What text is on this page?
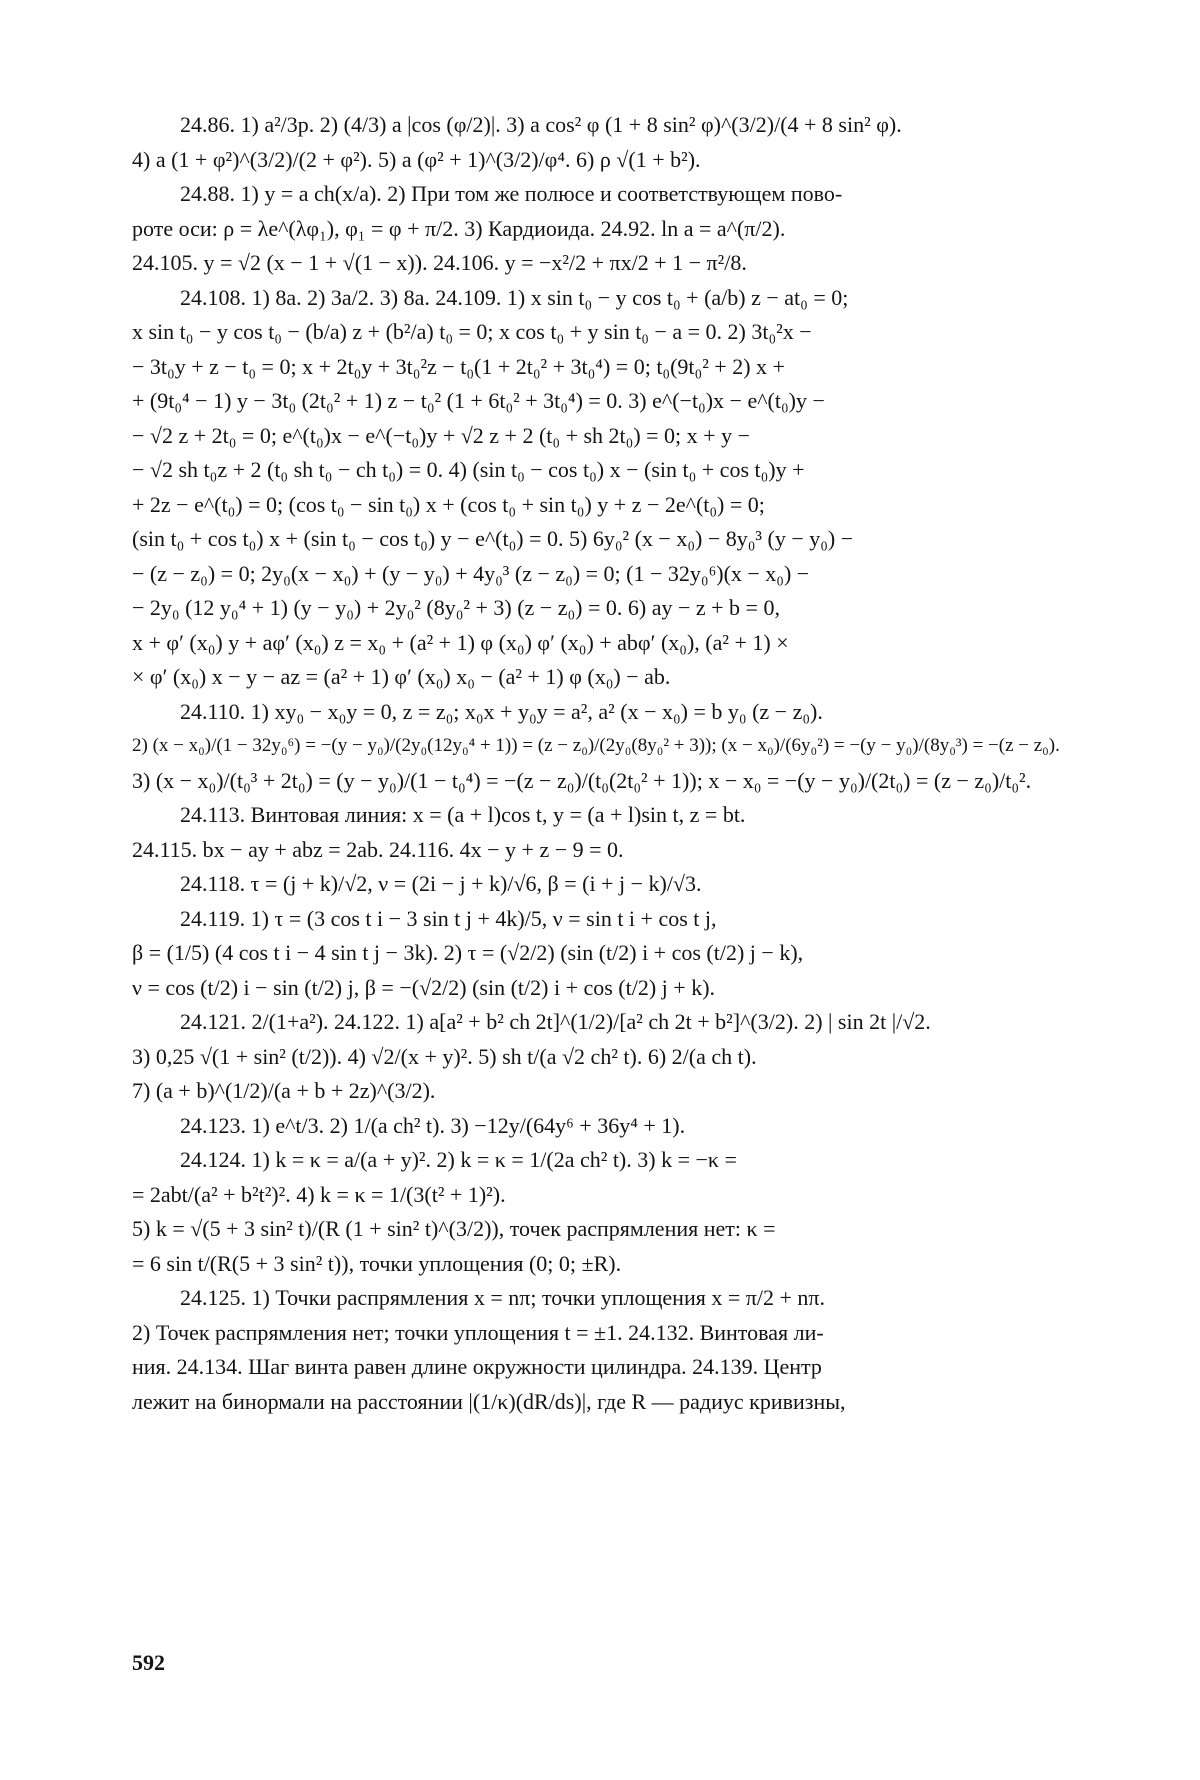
24.86. 1) a²/3p. 2) (4/3) a |cos (φ/2)|. 3) a cos² φ (1 + 8 sin² φ)^(3/2)/(4 + 8 sin² φ).
4) a (1 + φ²)^(3/2)/(2 + φ²). 5) a (φ² + 1)^(3/2)/φ⁴. 6) ρ √(1 + b²).
24.88. 1) y = a ch(x/a). 2) При том же полюсе и соответствующем пово-
роте оси: ρ = λe^(λφ₁), φ₁ = φ + π/2. 3) Кардиоида. 24.92. ln a = a^(π/2).
24.105. y = √2 (x − 1 + √(1 − x)). 24.106. y = −x²/2 + πx/2 + 1 − π²/8.
24.108. 1) 8a. 2) 3a/2. 3) 8a. 24.109. 1) x sin t₀ − y cos t₀ + (a/b) z − at₀ = 0;
x sin t₀ − y cos t₀ − (b/a) z + (b²/a) t₀ = 0; x cos t₀ + y sin t₀ − a = 0. 2) 3t₀²x −
− 3t₀y + z − t₀ = 0; x + 2t₀y + 3t₀²z − t₀(1 + 2t₀² + 3t₀⁴) = 0; t₀(9t₀² + 2) x +
+ (9t₀⁴ − 1) y − 3t₀ (2t₀² + 1) z − t₀² (1 + 6t₀² + 3t₀⁴) = 0. 3) e^(−t₀)x − e^(t₀)y −
− √2 z + 2t₀ = 0; e^(t₀)x − e^(−t₀)y + √2 z + 2 (t₀ + sh 2t₀) = 0; x + y −
− √2 sh t₀z + 2 (t₀ sh t₀ − ch t₀) = 0. 4) (sin t₀ − cos t₀) x − (sin t₀ + cos t₀)y +
+ 2z − e^(t₀) = 0; (cos t₀ − sin t₀) x + (cos t₀ + sin t₀) y + z − 2e^(t₀) = 0;
(sin t₀ + cos t₀) x + (sin t₀ − cos t₀) y − e^(t₀) = 0. 5) 6y₀² (x − x₀) − 8y₀³ (y − y₀) −
− (z − z₀) = 0; 2y₀(x − x₀) + (y − y₀) + 4y₀³ (z − z₀) = 0; (1 − 32y₀⁶)(x − x₀) −
− 2y₀ (12 y₀⁴ + 1) (y − y₀) + 2y₀² (8y₀² + 3) (z − z₀) = 0. 6) ay − z + b = 0,
x + φ′ (x₀) y + aφ′ (x₀) z = x₀ + (a² + 1) φ (x₀) φ′ (x₀) + abφ′ (x₀), (a² + 1) ×
× φ′ (x₀) x − y − az = (a² + 1) φ′ (x₀) x₀ − (a² + 1) φ (x₀) − ab.
24.110. 1) xy₀ − x₀y = 0, z = z₀; x₀x + y₀y = a², a² (x − x₀) = b y₀ (z − z₀).
2) (x − x₀)/(1 − 32y₀⁶) = −(y − y₀)/(2y₀(12y₀⁴ + 1)) = (z − z₀)/(2y₀(8y₀² + 3)); (x − x₀)/(6y₀²) = −(y − y₀)/(8y₀³) = −(z − z₀).
3) (x − x₀)/(t₀³ + 2t₀) = (y − y₀)/(1 − t₀⁴) = −(z − z₀)/(t₀(2t₀² + 1)); x − x₀ = −(y − y₀)/(2t₀) = (z − z₀)/t₀².
24.113. Винтовая линия: x = (a + l)cos t, y = (a + l)sin t, z = bt.
24.115. bx − ay + abz = 2ab. 24.116. 4x − y + z − 9 = 0.
24.118. τ = (j + k)/√2, ν = (2i − j + k)/√6, β = (i + j − k)/√3.
24.119. 1) τ = (3 cos t i − 3 sin t j + 4k)/5, ν = sin t i + cos t j,
β = (1/5) (4 cos t i − 4 sin t j − 3k). 2) τ = (√2/2) (sin (t/2) i + cos (t/2) j − k),
ν = cos (t/2) i − sin (t/2) j, β = −(√2/2) (sin (t/2) i + cos (t/2) j + k).
24.121. 2/(1+a²). 24.122. 1) a[a² + b² ch 2t]^(1/2)/[a² ch 2t + b²]^(3/2). 2) | sin 2t |/√2.
3) 0,25 √(1 + sin² (t/2)). 4) √2/(x + y)². 5) sh t/(a √2 ch² t). 6) 2/(a ch t).
7) (a + b)^(1/2)/(a + b + 2z)^(3/2).
24.123. 1) e^t/3. 2) 1/(a ch² t). 3) −12y/(64y⁶ + 36y⁴ + 1).
24.124. 1) k = κ = a/(a + y)². 2) k = κ = 1/(2a ch² t). 3) k = −κ =
= 2abt/(a² + b²t²)². 4) k = κ = 1/(3(t² + 1)²).
5) k = √(5 + 3 sin² t)/(R (1 + sin² t)^(3/2)), точек распрямления нет: κ =
= 6 sin t/(R(5 + 3 sin² t)), точки уплощения (0; 0; ±R).
24.125. 1) Точки распрямления x = nπ; точки уплощения x = π/2 + nπ.
2) Точек распрямления нет; точки уплощения t = ±1. 24.132. Винтовая ли-
ния. 24.134. Шаг винта равен длине окружности цилиндра. 24.139. Центр
лежит на бинормали на расстоянии |(1/κ)(dR/ds)|, где R — радиус кривизны,
592
